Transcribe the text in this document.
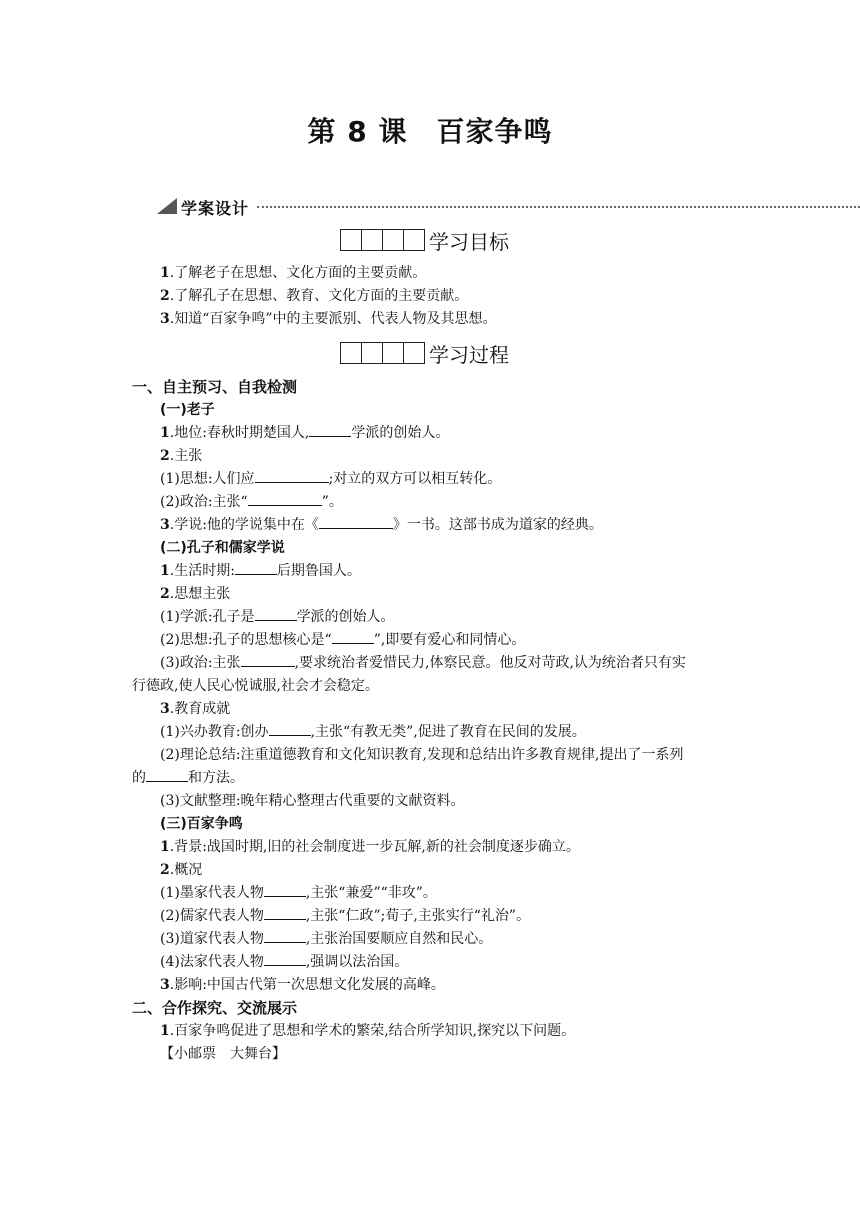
第 8 课　百家争鸣
学案设计
学习目标
1.了解老子在思想、文化方面的主要贡献。
2.了解孔子在思想、教育、文化方面的主要贡献。
3.知道“百家争鸣”中的主要派别、代表人物及其思想。
学习过程
一、自主预习、自我检测
(一)老子
1.地位:春秋时期楚国人,	学派的创始人。
2.主张
(1)思想:人们应	;对立的双方可以相互转化。
(2)政治:主张“	”。
3.学说:他的学说集中在《	》一书。这部书成为道家的经典。
(二)孔子和儒家学说
1.生活时期:	后期鲁国人。
2.思想主张
(1)学派:孔子是	学派的创始人。
(2)思想:孔子的思想核心是“	”,即要有爱心和同情心。
(3)政治:主张	,要求统治者爱惜民力,体察民意。他反对苛政,认为统治者只有实
行德政,使人民心悦诚服,社会才会稳定。
3.教育成就
(1)兴办教育:创办	,主张“有教无类”,促进了教育在民间的发展。
(2)理论总结:注重道德教育和文化知识教育,发现和总结出许多教育规律,提出了一系列
的	和方法。
(3)文献整理:晚年精心整理古代重要的文献资料。
(三)百家争鸣
1.背景:战国时期,旧的社会制度进一步瓦解,新的社会制度逐步确立。
2.概况
(1)墨家代表人物	,主张“兼爱”“非攻”。
(2)儒家代表人物	,主张“仁政”;荀子,主张实行“礼治”。
(3)道家代表人物	,主张治国要顺应自然和民心。
(4)法家代表人物	,强调以法治国。
3.影响:中国古代第一次思想文化发展的高峰。
二、合作探究、交流展示
1.百家争鸣促进了思想和学术的繁荣,结合所学知识,探究以下问题。
【小邮票　大舞台】
